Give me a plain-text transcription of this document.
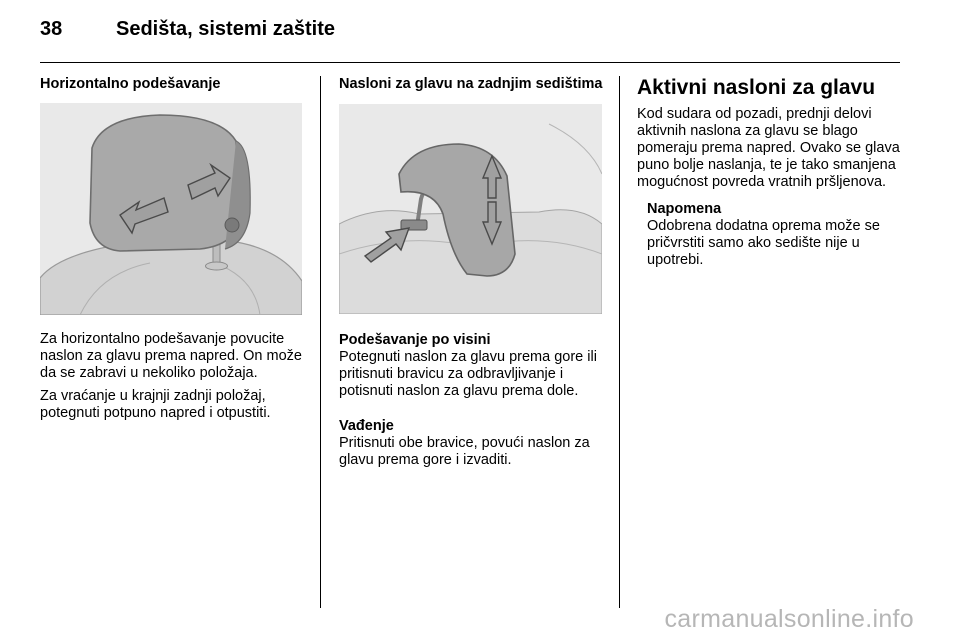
38	Sedišta, sistemi zaštite
Horizontalno podešavanje

Za horizontalno podešavanje povucite naslon za glavu prema napred. On može da se zabravi u nekoliko položaja.

Za vraćanje u krajnji zadnji položaj, potegnuti potpuno napred i otpustiti.

Nasloni za glavu na zadnjim sedištima
Podešavanje po visini

Potegnuti naslon za glavu prema gore ili pritisnuti bravicu za odbravljivanje i potisnuti naslon za glavu prema dole.

Vađenje

Pritisnuti obe bravice, povući naslon za glavu prema gore i izvaditi.

Aktivni nasloni za glavu

Kod sudara od pozadi, prednji delovi aktivnih naslona za glavu se blago pomeraju prema napred. Ovako se glava puno bolje naslanja, te je tako smanjena mogućnost povreda vratnih pršljenova.

Napomena

Odobrena dodatna oprema može se pričvrstiti samo ako sedište nije u upotrebi.

carmanualsonline.info
